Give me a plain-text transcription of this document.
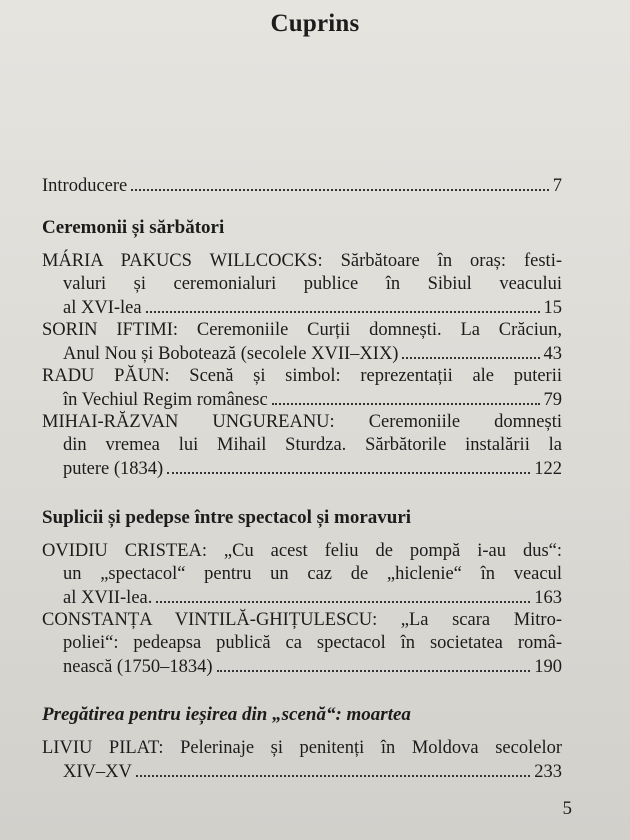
Cuprins
Introducere	7
Ceremonii și sărbători
MÁRIA PAKUCS WILLCOCKS: Sărbătoare în oraș: festi-
valuri și ceremonialuri publice în Sibiul veacului
al XVI-lea	15
SORIN IFTIMI: Ceremoniile Curții domnești. La Crăciun,
Anul Nou și Bobotează (secolele XVII–XIX)	43
RADU PĂUN: Scenă și simbol: reprezentații ale puterii
în Vechiul Regim românesc	79
MIHAI-RĂZVAN UNGUREANU: Ceremoniile domnești
din vremea lui Mihail Sturdza. Sărbătorile instalării la
putere (1834)	122
Suplicii și pedepse între spectacol și moravuri
OVIDIU CRISTEA: „Cu acest feliu de pompă i-au dus“:
un „spectacol“ pentru un caz de „hiclenie“ în veacul
al XVII-lea.	163
CONSTANȚA VINTILĂ-GHIȚULESCU: „La scara Mitro-
poliei“: pedeapsa publică ca spectacol în societatea româ-
nească (1750–1834)	190
Pregătirea pentru ieșirea din „scenă“: moartea
LIVIU PILAT: Pelerinaje și penitenți în Moldova secolelor
XIV–XV	233
5
